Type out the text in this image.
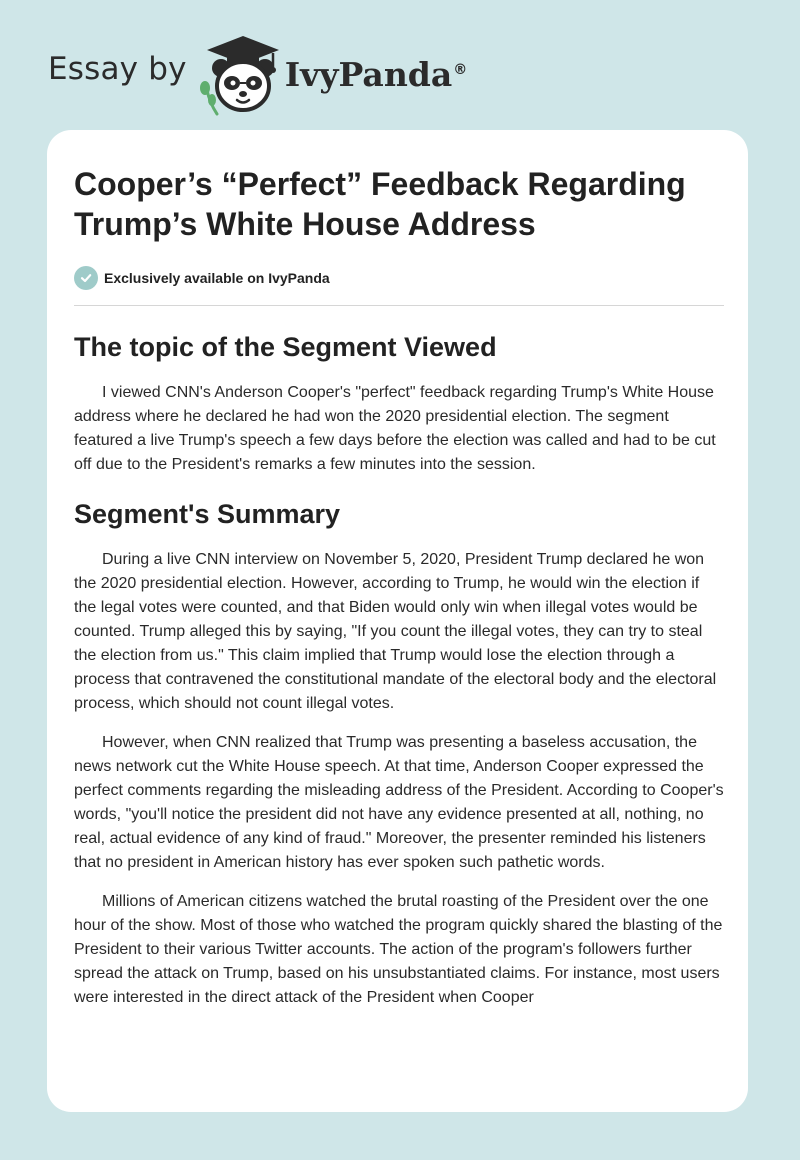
Essay by	IvyPanda®
Cooper’s “Perfect” Feedback Regarding Trump’s White House Address
Exclusively available on IvyPanda
The topic of the Segment Viewed

I viewed CNN's Anderson Cooper's "perfect" feedback regarding Trump's White House address where he declared he had won the 2020 presidential election. The segment featured a live Trump's speech a few days before the election was called and had to be cut off due to the President's remarks a few minutes into the session.

Segment's Summary

During a live CNN interview on November 5, 2020, President Trump declared he won the 2020 presidential election. However, according to Trump, he would win the election if the legal votes were counted, and that Biden would only win when illegal votes would be counted. Trump alleged this by saying, "If you count the illegal votes, they can try to steal the election from us." This claim implied that Trump would lose the election through a process that contravened the constitutional mandate of the electoral body and the electoral process, which should not count illegal votes.

However, when CNN realized that Trump was presenting a baseless accusation, the news network cut the White House speech. At that time, Anderson Cooper expressed the perfect comments regarding the misleading address of the President. According to Cooper's words, "you'll notice the president did not have any evidence presented at all, nothing, no real, actual evidence of any kind of fraud." Moreover, the presenter reminded his listeners that no president in American history has ever spoken such pathetic words.

Millions of American citizens watched the brutal roasting of the President over the one hour of the show. Most of those who watched the program quickly shared the blasting of the President to their various Twitter accounts. The action of the program's followers further spread the attack on Trump, based on his unsubstantiated claims. For instance, most users were interested in the direct attack of the President when Cooper
